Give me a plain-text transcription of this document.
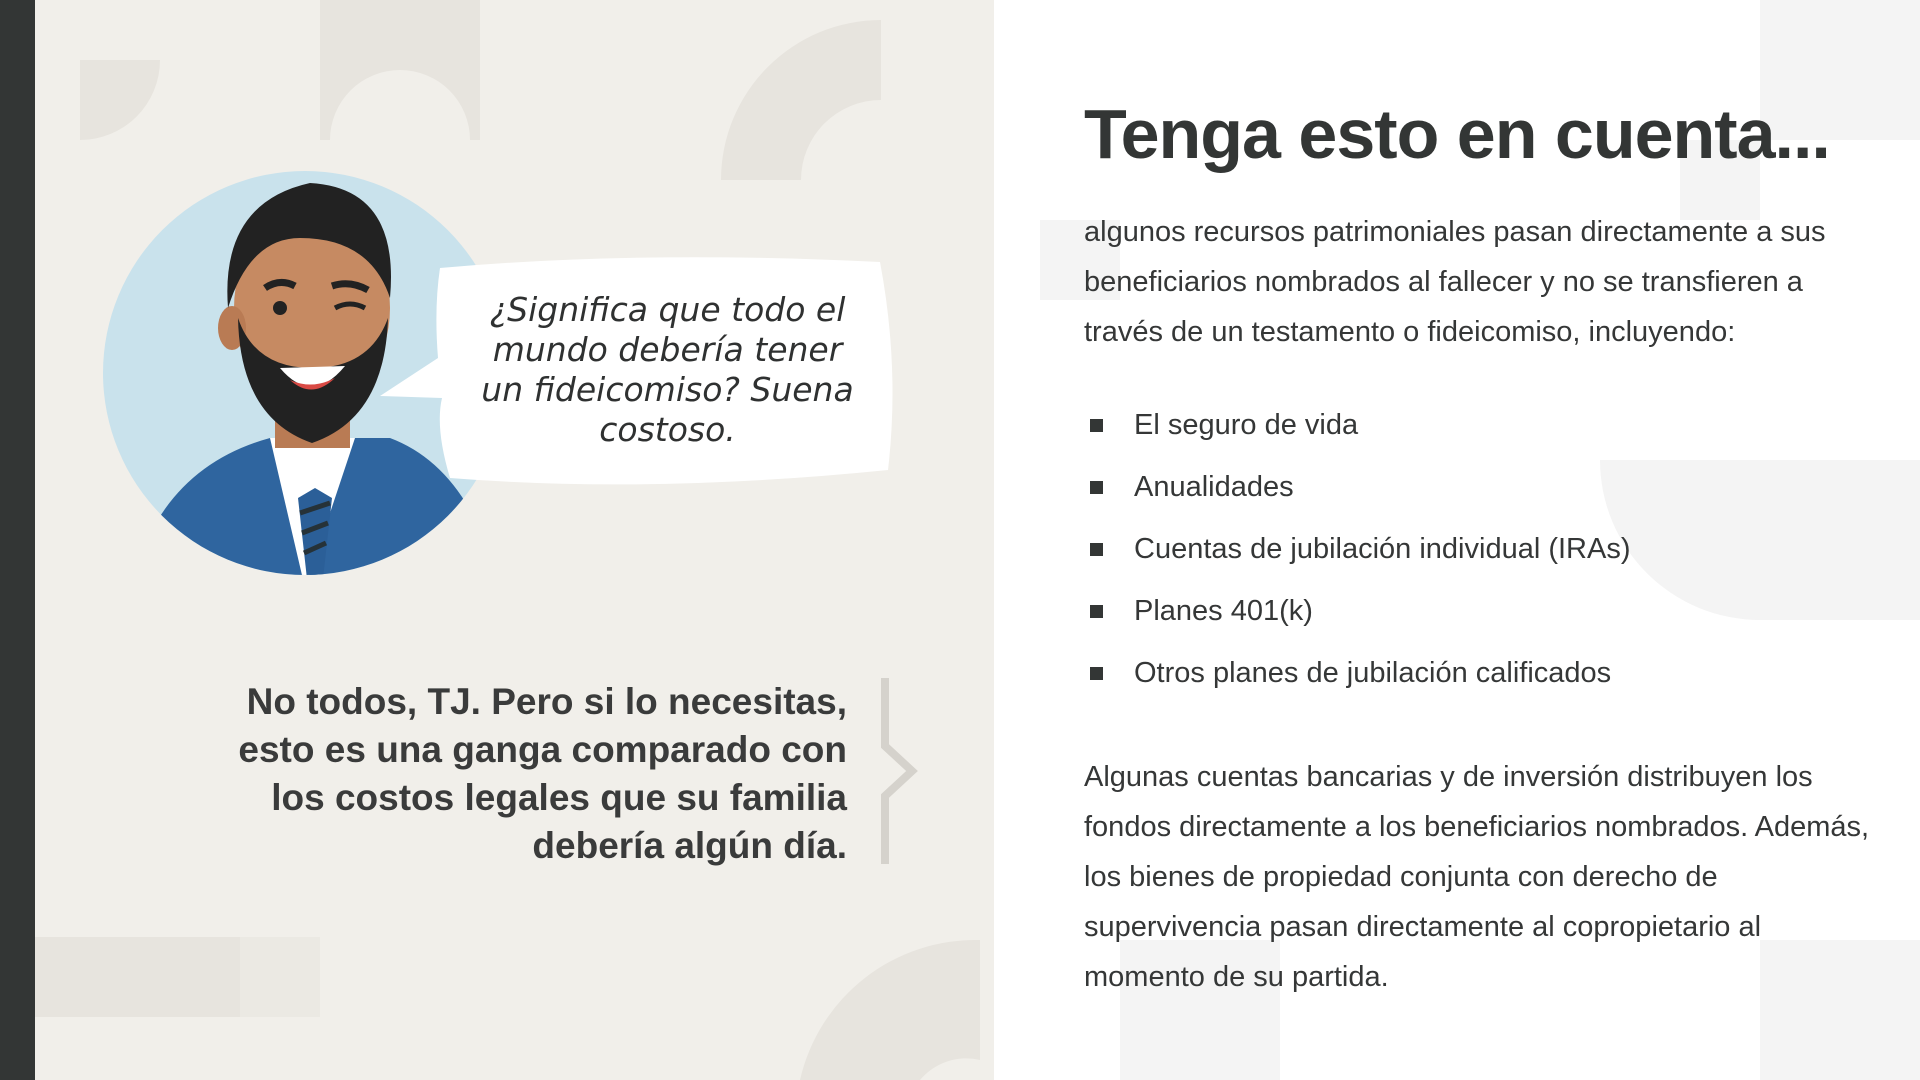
¿Significa que todo el mundo debería tener un fideicomiso? Suena costoso.
No todos, TJ. Pero si lo necesitas, esto es una ganga comparado con los costos legales que su familia debería algún día.
Tenga esto en cuenta...

algunos recursos patrimoniales pasan directamente a sus beneficiarios nombrados al fallecer y no se transfieren a través de un testamento o fideicomiso, incluyendo:

El seguro de vida
Anualidades
Cuentas de jubilación individual (IRAs)
Planes 401(k)
Otros planes de jubilación calificados

Algunas cuentas bancarias y de inversión distribuyen los fondos directamente a los beneficiarios nombrados. Además, los bienes de propiedad conjunta con derecho de supervivencia pasan directamente al copropietario al momento de su partida.
